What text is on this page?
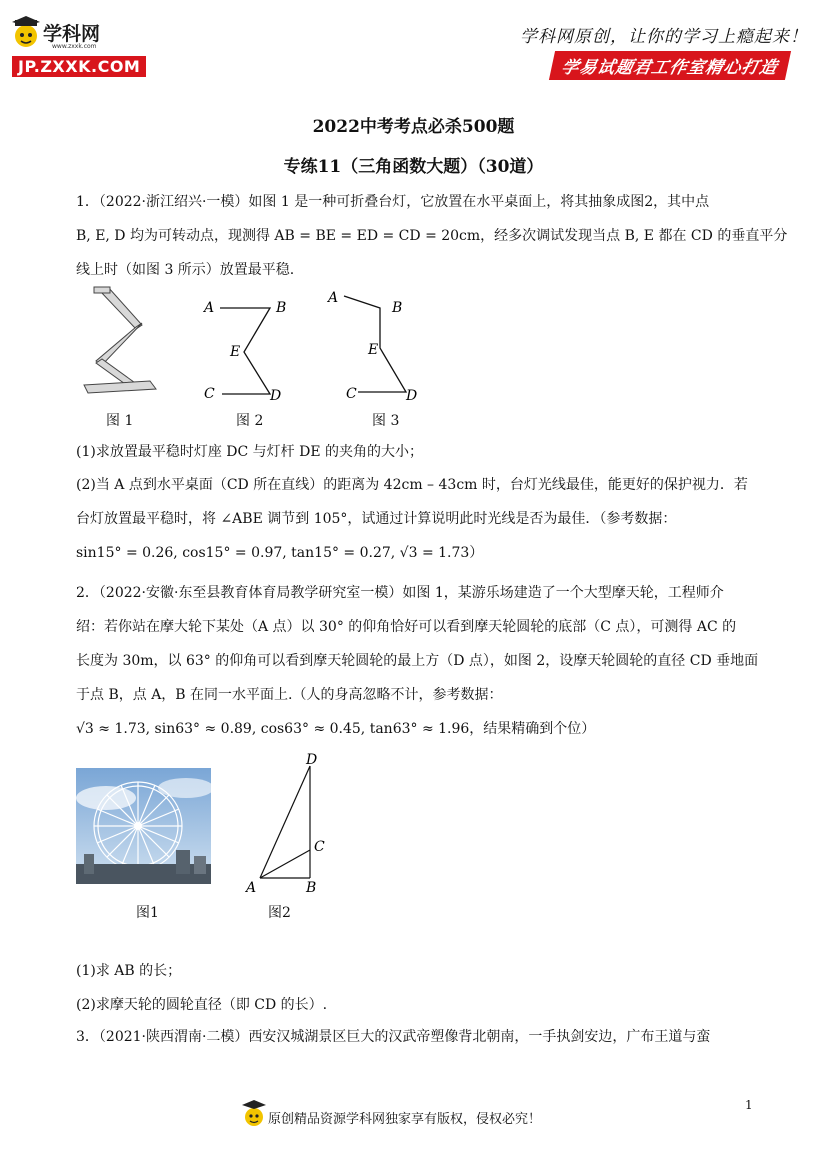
学科网
www.zxxk.com
JP.ZXXK.COM
学科网原创，让你的学习上瘾起来！
学易试题君工作室精心打造
2022中考考点必杀500题
专练11（三角函数大题）（30道）
1．（2022·浙江绍兴·一模）如图 1 是一种可折叠台灯，它放置在水平桌面上，将其抽象成图2，其中点
B, E, D 均为可转动点，现测得 AB = BE = ED = CD = 20cm，经多次调试发现当点 B, E 都在 CD 的垂直平分
线上时（如图 3 所示）放置最平稳.
图 1
A	B
E
C	D
图 2
A
B
E
C	D
图 3
(1)求放置最平稳时灯座 DC 与灯杆 DE 的夹角的大小；
(2)当 A 点到水平桌面（CD 所在直线）的距离为 42cm – 43cm 时，台灯光线最佳，能更好的保护视力．若
台灯放置最平稳时，将 ∠ABE 调节到 105°，试通过计算说明此时光线是否为最佳．（参考数据：
sin15° = 0.26, cos15° = 0.97, tan15° = 0.27, √3 = 1.73）
2．（2022·安徽·东至县教育体育局教学研究室一模）如图 1，某游乐场建造了一个大型摩天轮，工程师介
绍：若你站在摩大轮下某处（A 点）以 30° 的仰角恰好可以看到摩天轮圆轮的底部（C 点），可测得 AC 的
长度为 30m，以 63° 的仰角可以看到摩天轮圆轮的最上方（D 点），如图 2，设摩天轮圆轮的直径 CD 垂地面
于点 B，点 A，B 在同一水平面上.（人的身高忽略不计，参考数据：
√3 ≈ 1.73, sin63° ≈ 0.89, cos63° ≈ 0.45, tan63° ≈ 1.96，结果精确到个位）
图1
D
C
A	B
图2
(1)求 AB 的长；
(2)求摩天轮的圆轮直径（即 CD 的长）.
3．（2021·陕西渭南·二模）西安汉城湖景区巨大的汉武帝塑像背北朝南，一手执剑安边，广布王道与蛮
1
原创精品资源学科网独家享有版权，侵权必究！
